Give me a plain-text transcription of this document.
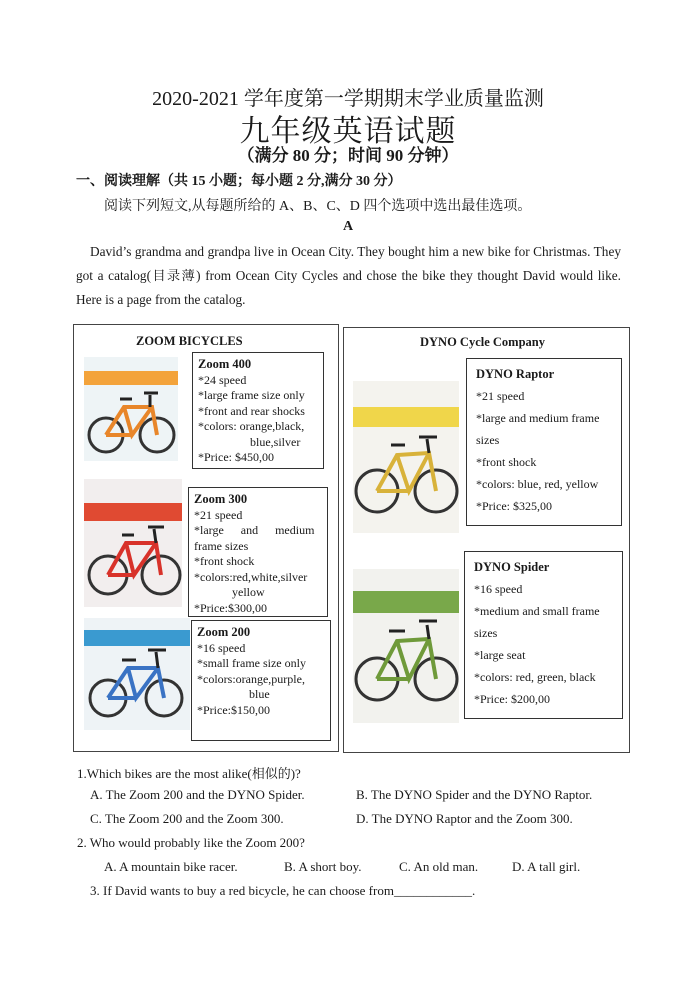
2020-2021 学年度第一学期期末学业质量监测
九年级英语试题
（满分 80 分；时间 90 分钟）
一、阅读理解（共 15 小题；每小题 2 分,满分 30 分）
阅读下列短文,从每题所给的 A、B、C、D 四个选项中选出最佳选项。
A
David’s grandma and grandpa live in Ocean City. They bought him a new bike for Christmas. They got a catalog(目录薄) from Ocean City Cycles and chose the bike they thought David would like. Here is a page from the catalog.
ZOOM BICYCLES
Zoom 400
*24 speed
*large frame size only
*front and rear shocks
*colors: orange,black,
blue,silver
*Price: $450,00
Zoom 300
*21 speed
*large and medium
frame sizes
*front shock
*colors:red,white,silver
yellow
*Price:$300,00
Zoom 200
*16 speed
*small frame size only
*colors:orange,purple,
blue
*Price:$150,00
DYNO Cycle Company
DYNO Raptor
*21 speed
*large and medium frame
sizes
*front shock
*colors: blue, red, yellow
*Price: $325,00
DYNO Spider
*16 speed
*medium and small frame
sizes
*large seat
*colors: red, green, black
*Price: $200,00
1.Which bikes are the most alike(相似的)?
A. The Zoom 200 and the DYNO Spider.	B. The DYNO Spider and the DYNO Raptor.
C. The Zoom 200 and the Zoom 300.	D. The DYNO Raptor and the Zoom 300.
2. Who would probably like the Zoom 200?
A. A mountain bike racer.	B. A short boy.	C. An old man.	D. A tall girl.
3. If David wants to buy a red bicycle, he can choose from____________.
